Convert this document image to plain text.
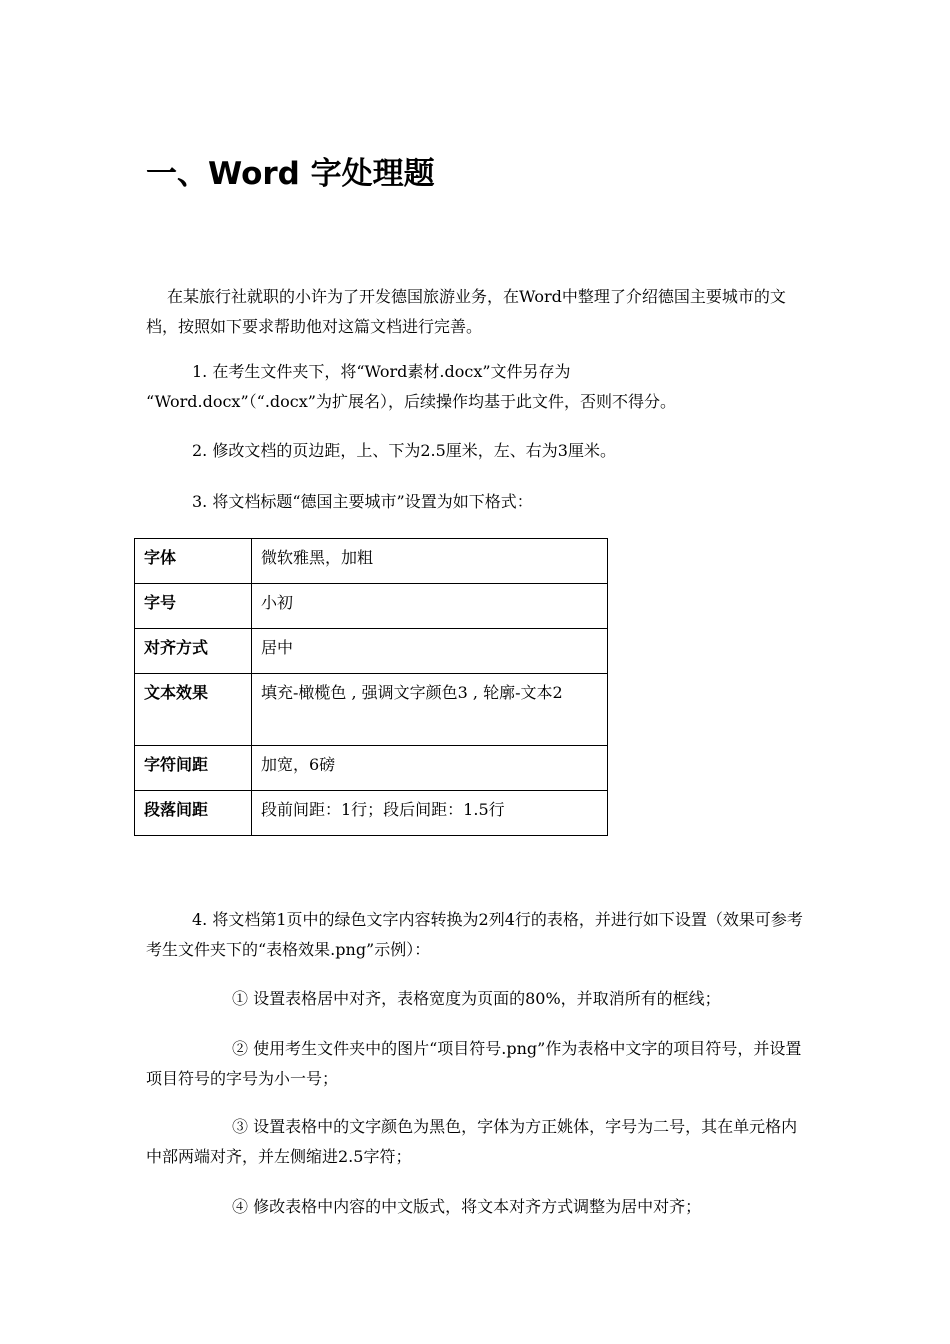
一、Word 字处理题

在某旅行社就职的小许为了开发德国旅游业务，在Word中整理了介绍德国主要城市的文档，按照如下要求帮助他对这篇文档进行完善。

1. 在考生文件夹下，将“Word素材.docx”文件另存为

“Word.docx”（“.docx”为扩展名），后续操作均基于此文件，否则不得分。

2. 修改文档的页边距，上、下为2.5厘米，左、右为3厘米。

3. 将文档标题“德国主要城市”设置为如下格式：

字体	微软雅黑，加粗
字号	小初
对齐方式	居中
文本效果	填充-橄榄色 , 强调文字颜色3 , 轮廓-文本2
字符间距	加宽，6磅
段落间距	段前间距：1行；段后间距：1.5行

4. 将文档第1页中的绿色文字内容转换为2列4行的表格，并进行如下设置（效果可参考考生文件夹下的“表格效果.png”示例）：

① 设置表格居中对齐，表格宽度为页面的80%，并取消所有的框线；

② 使用考生文件夹中的图片“项目符号.png”作为表格中文字的项目符号，并设置项目符号的字号为小一号；

③ 设置表格中的文字颜色为黑色，字体为方正姚体，字号为二号，其在单元格内中部两端对齐，并左侧缩进2.5字符；

④ 修改表格中内容的中文版式，将文本对齐方式调整为居中对齐；
